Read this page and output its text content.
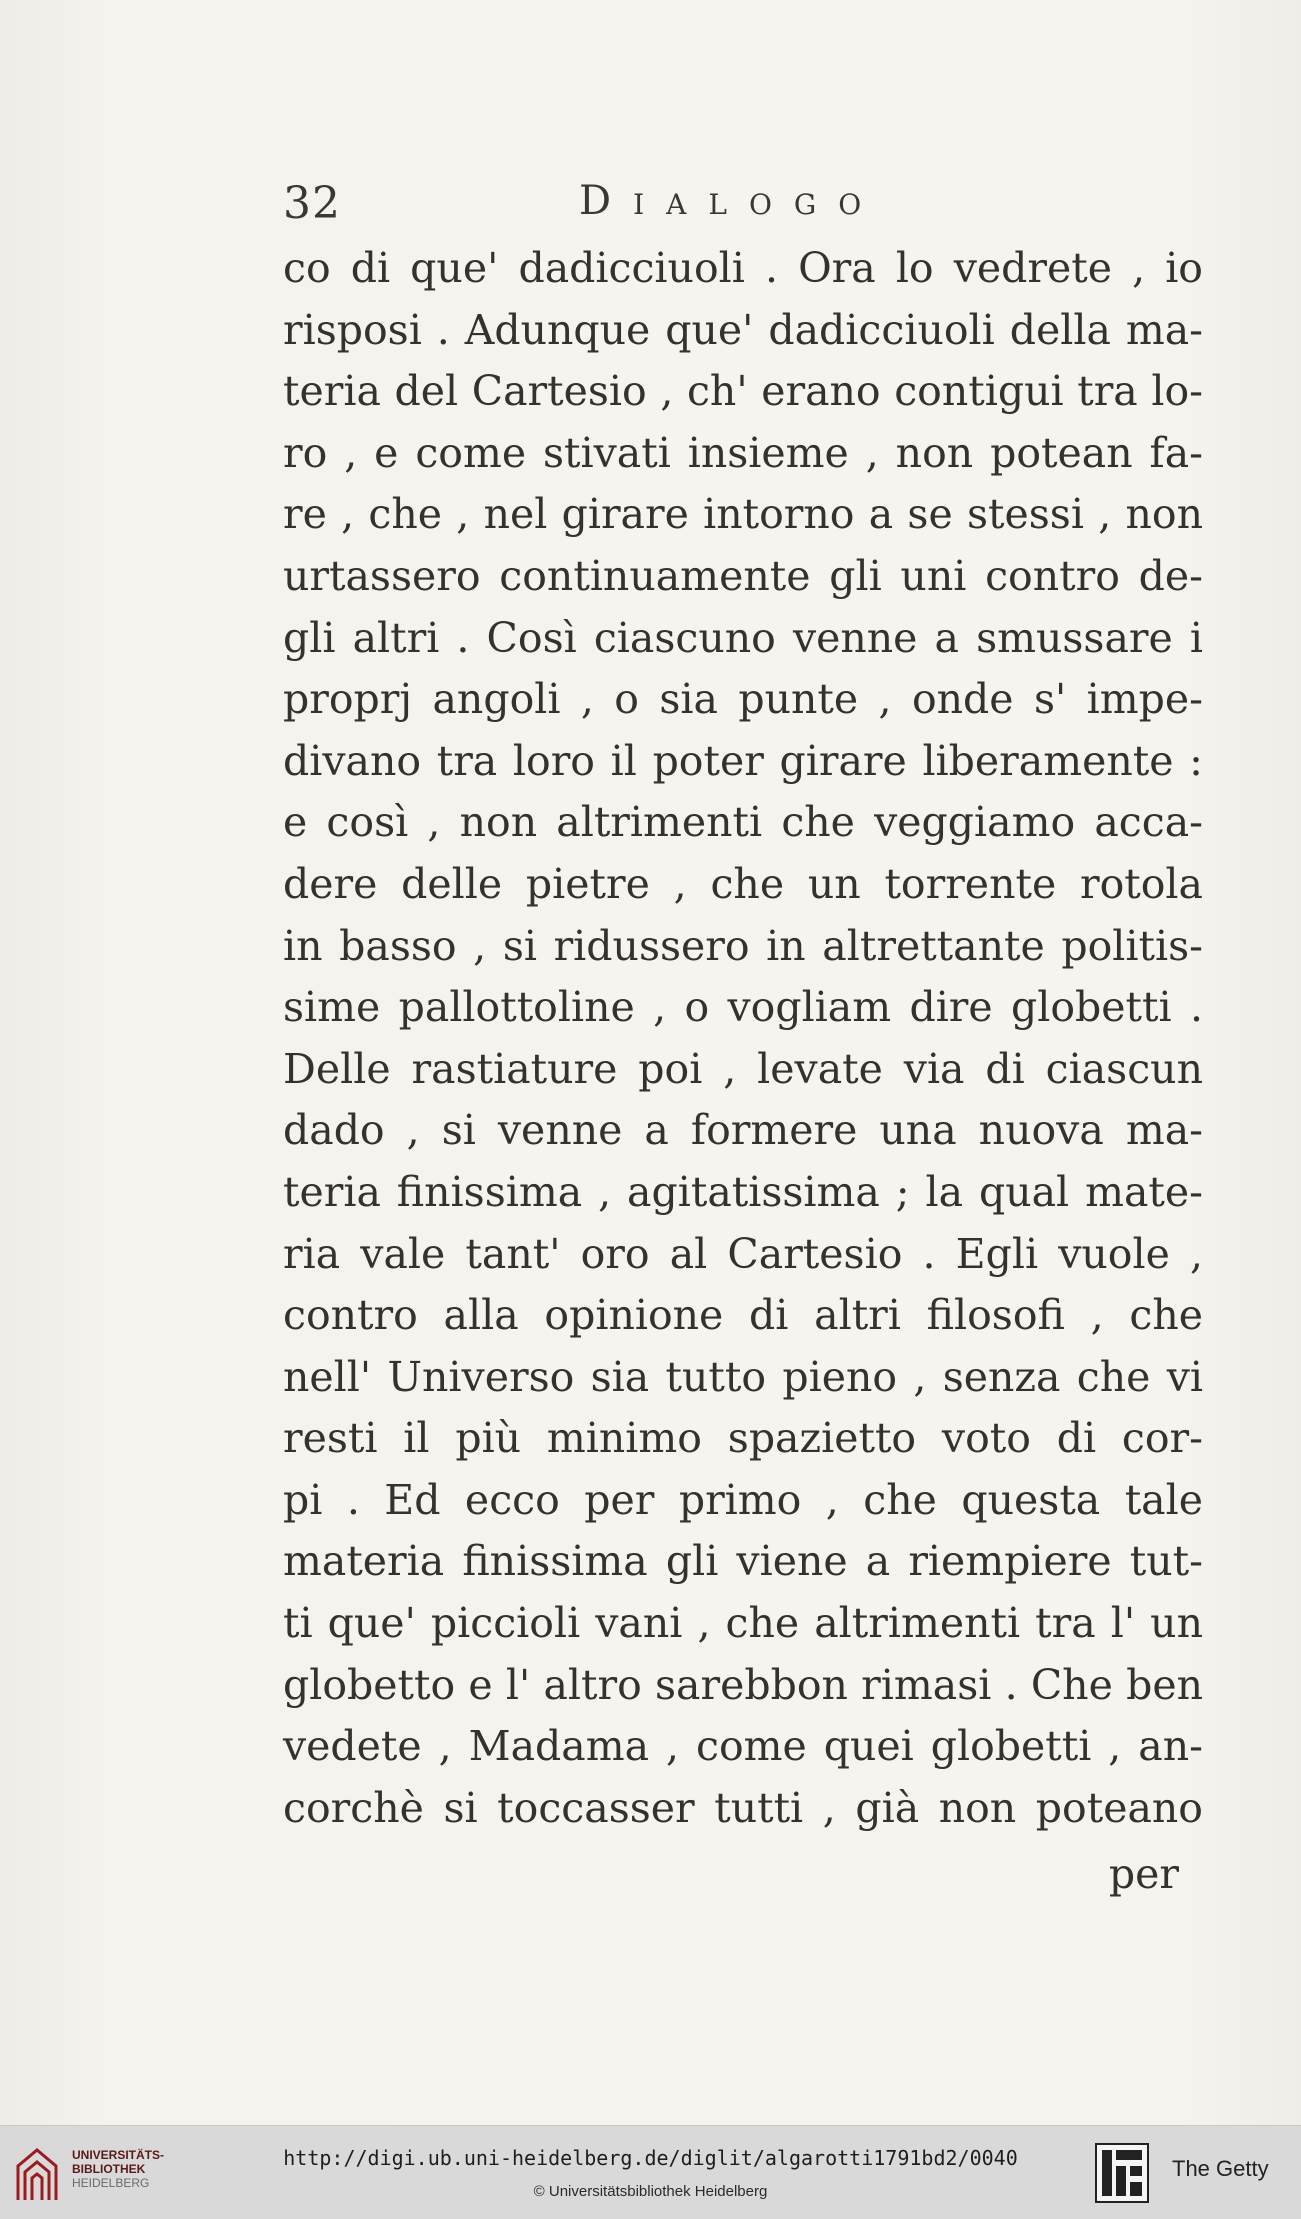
32	Dialogo
co di que' dadicciuoli . Ora lo vedrete , io
risposi . Adunque que' dadicciuoli della ma-
teria del Cartesio , ch' erano contigui tra lo-
ro , e come stivati insieme , non potean fa-
re , che , nel girare intorno a se stessi , non
urtassero continuamente gli uni contro de-
gli altri . Così ciascuno venne a smussare i
proprj angoli , o sia punte , onde s' impe-
divano tra loro il poter girare liberamente :
e così , non altrimenti che veggiamo acca-
dere delle pietre , che un torrente rotola
in basso , si ridussero in altrettante politis-
sime pallottoline , o vogliam dire globetti .
Delle rastiature poi , levate via di ciascun
dado , si venne a formere una nuova ma-
teria finissima , agitatissima ; la qual mate-
ria vale tant' oro al Cartesio . Egli vuole ,
contro alla opinione di altri filosofi , che
nell' Universo sia tutto pieno , senza che vi
resti il più minimo spazietto voto di cor-
pi . Ed ecco per primo , che questa tale
materia finissima gli viene a riempiere tut-
ti que' piccioli vani , che altrimenti tra l' un
globetto e l' altro sarebbon rimasi . Che ben
vedete , Madama , come quei globetti , an-
corchè si toccasser tutti , già non poteano
per
UNIVERSITÄTS-
BIBLIOTHEK
HEIDELBERG
http://digi.ub.uni-heidelberg.de/diglit/algarotti1791bd2/0040
© Universitätsbibliothek Heidelberg
The Getty
